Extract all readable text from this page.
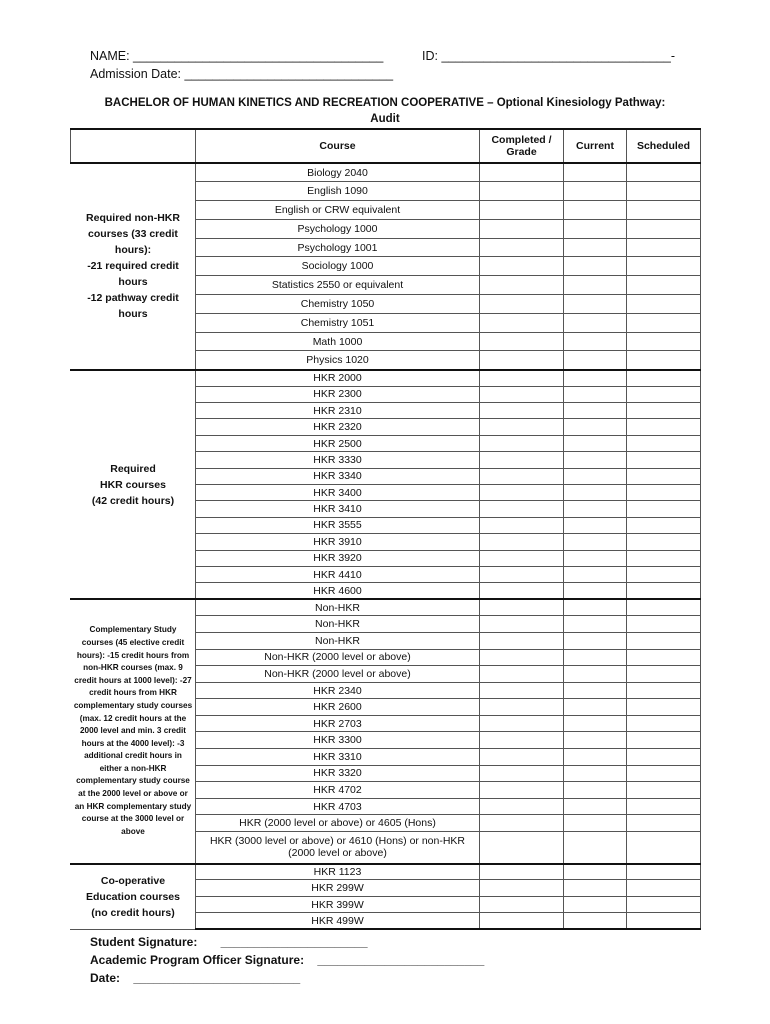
NAME: ____________________________________	ID: _________________________________-
Admission Date: ______________________________
BACHELOR OF HUMAN KINETICS AND RECREATION COOPERATIVE – Optional Kinesiology Pathway:
Audit
	Course	Completed / Grade	Current	Scheduled
Required non-HKR courses (33 credit hours):
-21 required credit hours
-12 pathway credit hours	Biology 2040			
	English 1090			
	English or CRW equivalent			
	Psychology 1000			
	Psychology 1001			
	Sociology 1000			
	Statistics 2550 or equivalent			
	Chemistry 1050			
	Chemistry 1051			
	Math 1000			
	Physics 1020			
Required
HKR courses
(42 credit hours)	HKR 2000			
	HKR 2300			
	HKR 2310			
	HKR 2320			
	HKR 2500			
	HKR 3330			
	HKR 3340			
	HKR 3400			
	HKR 3410			
	HKR 3555			
	HKR 3910			
	HKR 3920			
	HKR 4410			
	HKR 4600			
Complementary Study courses (45 elective credit hours): -15 credit hours from non-HKR courses (max. 9 credit hours at 1000 level): -27 credit hours from HKR complementary study courses (max. 12 credit hours at the 2000 level and min. 3 credit hours at the 4000 level): -3 additional credit hours in either a non-HKR complementary study course at the 2000 level or above or an HKR complementary study course at the 3000 level or above	Non-HKR			
	Non-HKR			
	Non-HKR			
	Non-HKR (2000 level or above)			
	Non-HKR (2000 level or above)			
	HKR 2340			
	HKR 2600			
	HKR 2703			
	HKR 3300			
	HKR 3310			
	HKR 3320			
	HKR 4702			
	HKR 4703			
	HKR (2000 level or above) or 4605 (Hons)			
	HKR (3000 level or above) or 4610 (Hons) or non-HKR (2000 level or above)			
Co-operative
Education courses
(no credit hours)	HKR 1123			
	HKR 299W			
	HKR 399W			
	HKR 499W			
Student Signature:       ______________________
Academic Program Officer Signature:    _________________________
Date:    _________________________
